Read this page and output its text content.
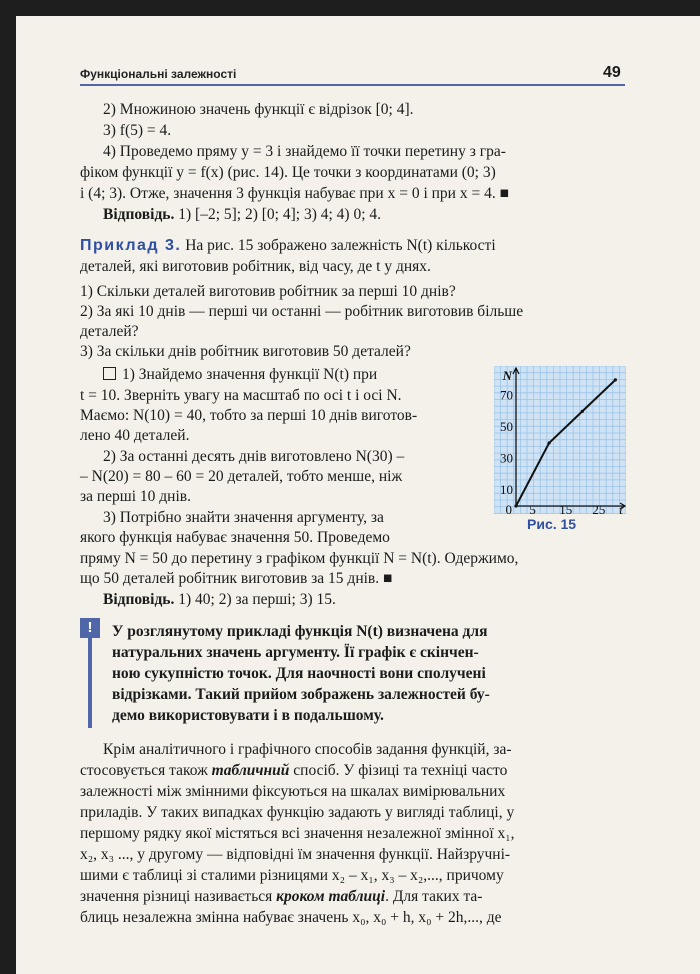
Функціональні залежності	49
2) Множиною значень функції є відрізок [0; 4].
3) f(5) = 4.
4) Проведемо пряму y = 3 і знайдемо її точки перетину з гра-
фіком функції y = f(x) (рис. 14). Це точки з координатами (0; 3)
і (4; 3). Отже, значення 3 функція набуває при x = 0 і при x = 4. ■
Відповідь. 1) [–2; 5]; 2) [0; 4]; 3) 4; 4) 0; 4.
Приклад 3. На рис. 15 зображено залежність N(t) кількості
деталей, які виготовив робітник, від часу, де t у днях.
1) Скільки деталей виготовив робітник за перші 10 днів?
2) За які 10 днів — перші чи останні — робітник виготовив більше
деталей?
3) За скільки днів робітник виготовив 50 деталей?
1) Знайдемо значення функції N(t) при
t = 10. Зверніть увагу на масштаб по осі t і осі N.
Маємо: N(10) = 40, тобто за перші 10 днів виготов-
лено 40 деталей.
2) За останні десять днів виготовлено N(30) –
– N(20) = 80 – 60 = 20 деталей, тобто менше, ніж
за перші 10 днів.
3) Потрібно знайти значення аргументу, за
якого функція набуває значення 50. Проведемо
пряму N = 50 до перетину з графіком функції N = N(t). Одержимо,
що 50 деталей робітник виготовив за 15 днів. ■
Відповідь. 1) 40; 2) за перші; 3) 15.
10
30
50
70
5 15 25
0
N
t
Рис. 15
!	У розглянутому прикладі функція N(t) визначена для
натуральних значень аргументу. Її графік є скінчен-
ною сукупністю точок. Для наочності вони сполучені
відрізками. Такий прийом зображень залежностей бу-
демо використовувати і в подальшому.
Крім аналітичного і графічного способів задання функцій, за-
стосовується також табличний спосіб. У фізиці та техніці часто
залежності між змінними фіксуються на шкалах вимірювальних
приладів. У таких випадках функцію задають у вигляді таблиці, у
першому рядку якої містяться всі значення незалежної змінної x₁,
x₂, x₃ ..., у другому — відповідні їм значення функції. Найзручні-
шими є таблиці зі сталими різницями x₂ – x₁, x₃ – x₂,..., причому
значення різниці називається кроком таблиці. Для таких та-
блиць незалежна змінна набуває значень x₀, x₀ + h, x₀ + 2h,..., де
